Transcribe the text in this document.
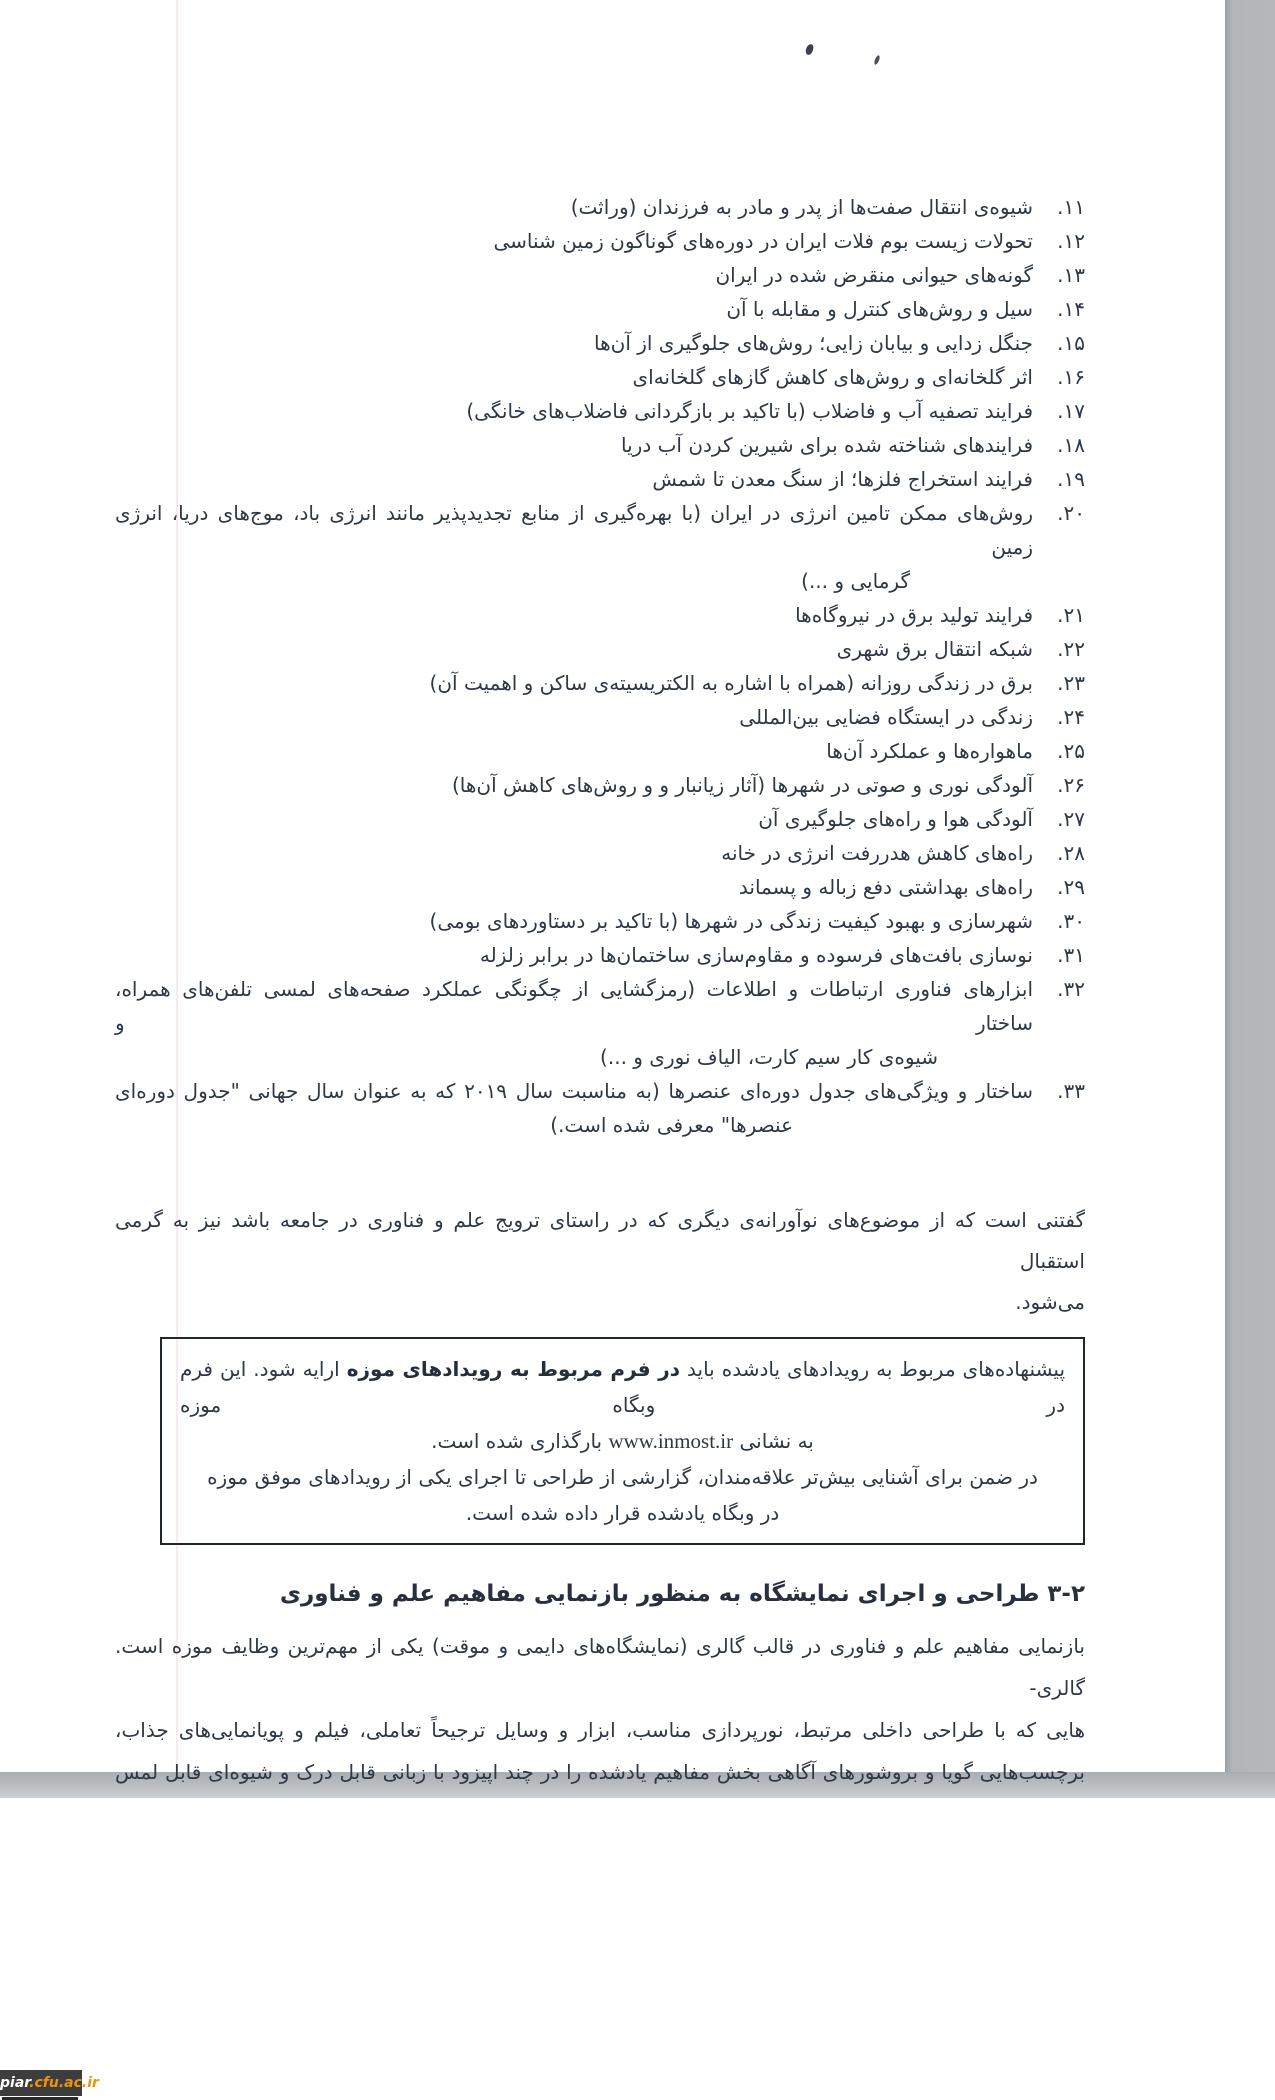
۱۱.
شیوه‌ی انتقال صفت‌ها از پدر و مادر به فرزندان (وراثت)
۱۲.
تحولات زیست بوم فلات ایران در دوره‌های گوناگون زمین شناسی
۱۳.
گونه‌های حیوانی منقرض شده در ایران
۱۴.
سیل و روش‌های کنترل و مقابله با آن
۱۵.
جنگل زدایی و بیابان زایی؛ روش‌های جلوگیری از آن‌ها
۱۶.
اثر گلخانه‌ای و روش‌های کاهش گازهای گلخانه‌ای
۱۷.
فرایند تصفیه آب و فاضلاب (با تاکید بر بازگردانی فاضلاب‌های خانگی)
۱۸.
فرایندهای شناخته شده برای شیرین کردن آب دریا
۱۹.
فرایند استخراج فلزها؛ از سنگ معدن تا شمش
۲۰.
روش‌های ممکن تامین انرژی در ایران (با بهره‌گیری از منابع تجدیدپذیر مانند انرژی باد، موج‌های دریا، انرژی زمین
گرمایی و ...)
۲۱.
فرایند تولید برق در نیروگاه‌ها
۲۲.
شبکه انتقال برق شهری
۲۳.
برق در زندگی روزانه (همراه با اشاره به الکتریسیته‌ی ساکن و اهمیت آن)
۲۴.
زندگی در ایستگاه فضایی بین‌المللی
۲۵.
ماهواره‌ها و عملکرد آن‌ها
۲۶.
آلودگی نوری و صوتی در شهرها (آثار زیانبار و و روش‌های کاهش آن‌ها)
۲۷.
آلودگی هوا و راه‌های جلوگیری آن
۲۸.
راه‌های کاهش هدررفت انرژی در خانه
۲۹.
راه‌های بهداشتی دفع زباله و پسماند
۳۰.
شهرسازی و بهبود کیفیت زندگی در شهرها (با تاکید بر دستاوردهای بومی)
۳۱.
نوسازی بافت‌های فرسوده و مقاوم‌سازی ساختمان‌ها در برابر زلزله
۳۲.
ابزارهای فناوری ارتباطات و اطلاعات (رمزگشایی از چگونگی عملکرد صفحه‌های لمسی تلفن‌های همراه، ساختار و
شیوه‌ی کار سیم کارت، الیاف نوری و ...)
۳۳.
ساختار و ویژگی‌های جدول دوره‌ای عنصرها (به مناسبت سال ۲۰۱۹ که به عنوان سال جهانی "جدول دوره‌ای
عنصرها" معرفی شده است.)
گفتنی است که از موضوع‌های نوآورانه‌ی دیگری که در راستای ترویج علم و فناوری در جامعه باشد نیز به گرمی استقبال
می‌شود.
پیشنهاده‌های مربوط به رویدادهای یادشده باید در فرم مربوط به رویدادهای موزه ارایه شود. این فرم در وبگاه موزه
به نشانی www.inmost.ir بارگذاری شده است.
در ضمن برای آشنایی بیش‌تر علاقه‌مندان، گزارشی از طراحی تا اجرای یکی از رویدادهای موفق موزه
در وبگاه یادشده قرار داده شده است.
۳-۲ طراحی و اجرای نمایشگاه به منظور بازنمایی مفاهیم علم و فناوری
بازنمایی مفاهیم علم و فناوری در قالب گالری (نمایشگاه‌های دایمی و موقت) یکی از مهم‌ترین وظایف موزه است. گالری-
هایی که با طراحی داخلی مرتبط، نورپردازی مناسب، ابزار و وسایل ترجیحاً تعاملی، فیلم و پویانمایی‌های جذاب،
برچسب‌هایی گویا و بروشورهای آگاهی بخش مفاهیم یادشده را در چند اپیزود با زبانی قابل درک و شیوه‌ای قابل لمس
piar.cfu.ac.ir
